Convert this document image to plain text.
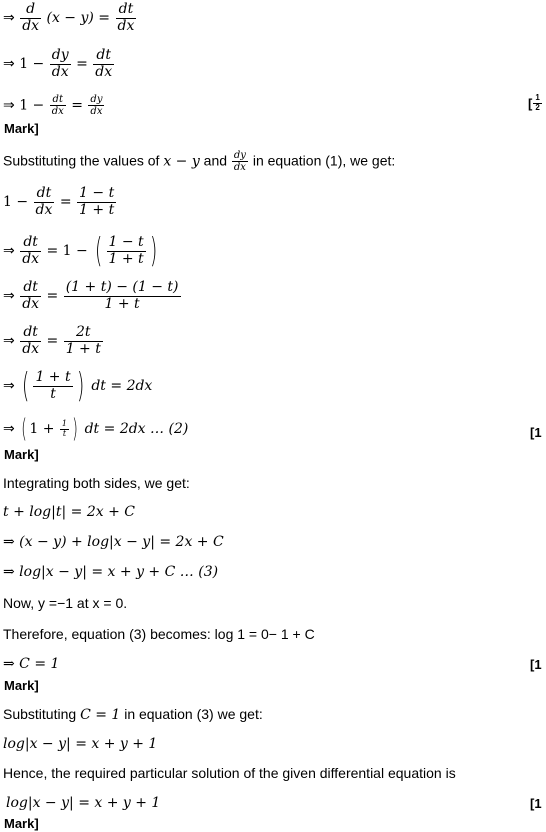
⇒ $\frac{d}{dx} (x - y) = \frac{dt}{dx}$
⇒ $1 - \frac{dy}{dx} = \frac{dt}{dx}$
⇒ $1 - \frac{dt}{dx} = \frac{dy}{dx}$	[ $\frac{1}{2}$
Mark]
Substituting the values of x − y and $\frac{dy}{dx}$ in equation (1), we get:
$1 - \frac{dt}{dx} = \frac{1 - t}{1 + t}$
⇒ $\frac{dt}{dx} = 1$ − ( $\frac{1 - t}{1 + t}$ )
⇒ $\frac{dt}{dx} = \frac{(1 + t) - (1 - t)}{1 + t}$
⇒ $\frac{dt}{dx} = \frac{2t}{1 + t}$
⇒ ( $\frac{1 + t}{t}$ ) dt = 2dx
⇒ ( $1 + \frac{1}{t}$ ) dt = 2dx … (2)	[1
Mark]
Integrating both sides, we get:
t + log|t| = 2x + C
⇒ (x − y) + log|x − y| = 2x + C
⇒ log|x − y| = x + y + C … (3)
Now, y =−1 at x = 0.
Therefore, equation (3) becomes: log 1 = 0− 1 + C
⇒ C = 1	[1
Mark]
Substituting C = 1 in equation (3) we get:
log|x − y| = x + y + 1
Hence, the required particular solution of the given differential equation is
log|x − y| = x + y + 1	[1
Mark]
